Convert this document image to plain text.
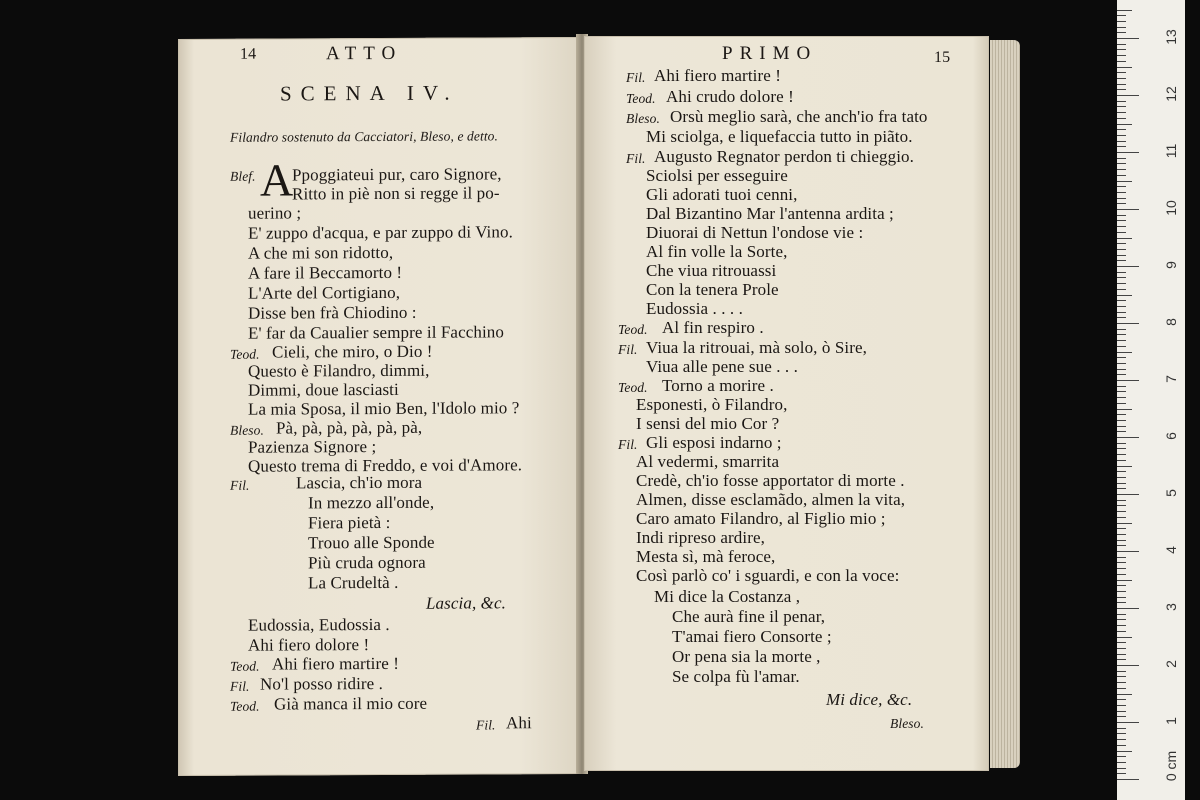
14	ATTO
SCENA IV.
Filandro sostenuto da Cacciatori, Bleso, e detto.
Blef. A
Ppoggiateui pur, caro Signore,
Ritto in piè non si regge il po-
uerino ;
E' zuppo d'acqua, e par zuppo di Vino.
A che mi son ridotto,
A fare il Beccamorto !
L'Arte del Cortigiano,
Disse ben frà Chiodino :
E' far da Caualier sempre il Facchino
Teod. Cieli, che miro, o Dio !
Questo è Filandro, dimmi,
Dimmi, doue lasciasti
La mia Sposa, il mio Ben, l'Idolo mio ?
Bleso. Pà, pà, pà, pà, pà, pà,
Pazienza Signore ;
Questo trema di Freddo, e voi d'Amore.
Fil.	Lascia, ch'io mora
In mezzo all'onde,
Fiera pietà :
Trouo alle Sponde
Più cruda ognora
La Crudeltà .
Lascia, &c.
Eudossia, Eudossia .
Ahi fiero dolore !
Teod. Ahi fiero martire !
Fil. No'l posso ridire .
Teod. Già manca il mio core
Fil. Ahi
PRIMO	15
Fil. Ahi fiero martire !
Teod. Ahi crudo dolore !
Bleso. Orsù meglio sarà, che anch'io fra tato
Mi sciolga, e liquefaccia tutto in piãto.
Fil. Augusto Regnator perdon ti chieggio.
Sciolsi per esseguire
Gli adorati tuoi cenni,
Dal Bizantino Mar l'antenna ardita ;
Diuorai di Nettun l'ondose vie :
Al fin volle la Sorte,
Che viua ritrouassi
Con la tenera Prole
Eudossia . . . .
Teod. Al fin respiro .
Fil. Viua la ritrouai, mà solo, ò Sire,
Viua alle pene sue . . .
Teod. Torno a morire .
Esponesti, ò Filandro,
I sensi del mio Cor ?
Fil. Gli esposi indarno ;
Al vedermi, smarrita
Credè, ch'io fosse apportator di morte .
Almen, disse esclamãdo, almen la vita,
Caro amato Filandro, al Figlio mio ;
Indi ripreso ardire,
Mesta sì, mà feroce,
Così parlò co' i sguardi, e con la voce:
Mi dice la Costanza ,
Che aurà fine il penar,
T'amai fiero Consorte ;
Or pena sia la morte ,
Se colpa fù l'amar.
Mi dice, &c.
Bleso.
0 cm
1
2
3
4
5
6
7
8
9
10
11
12
13
